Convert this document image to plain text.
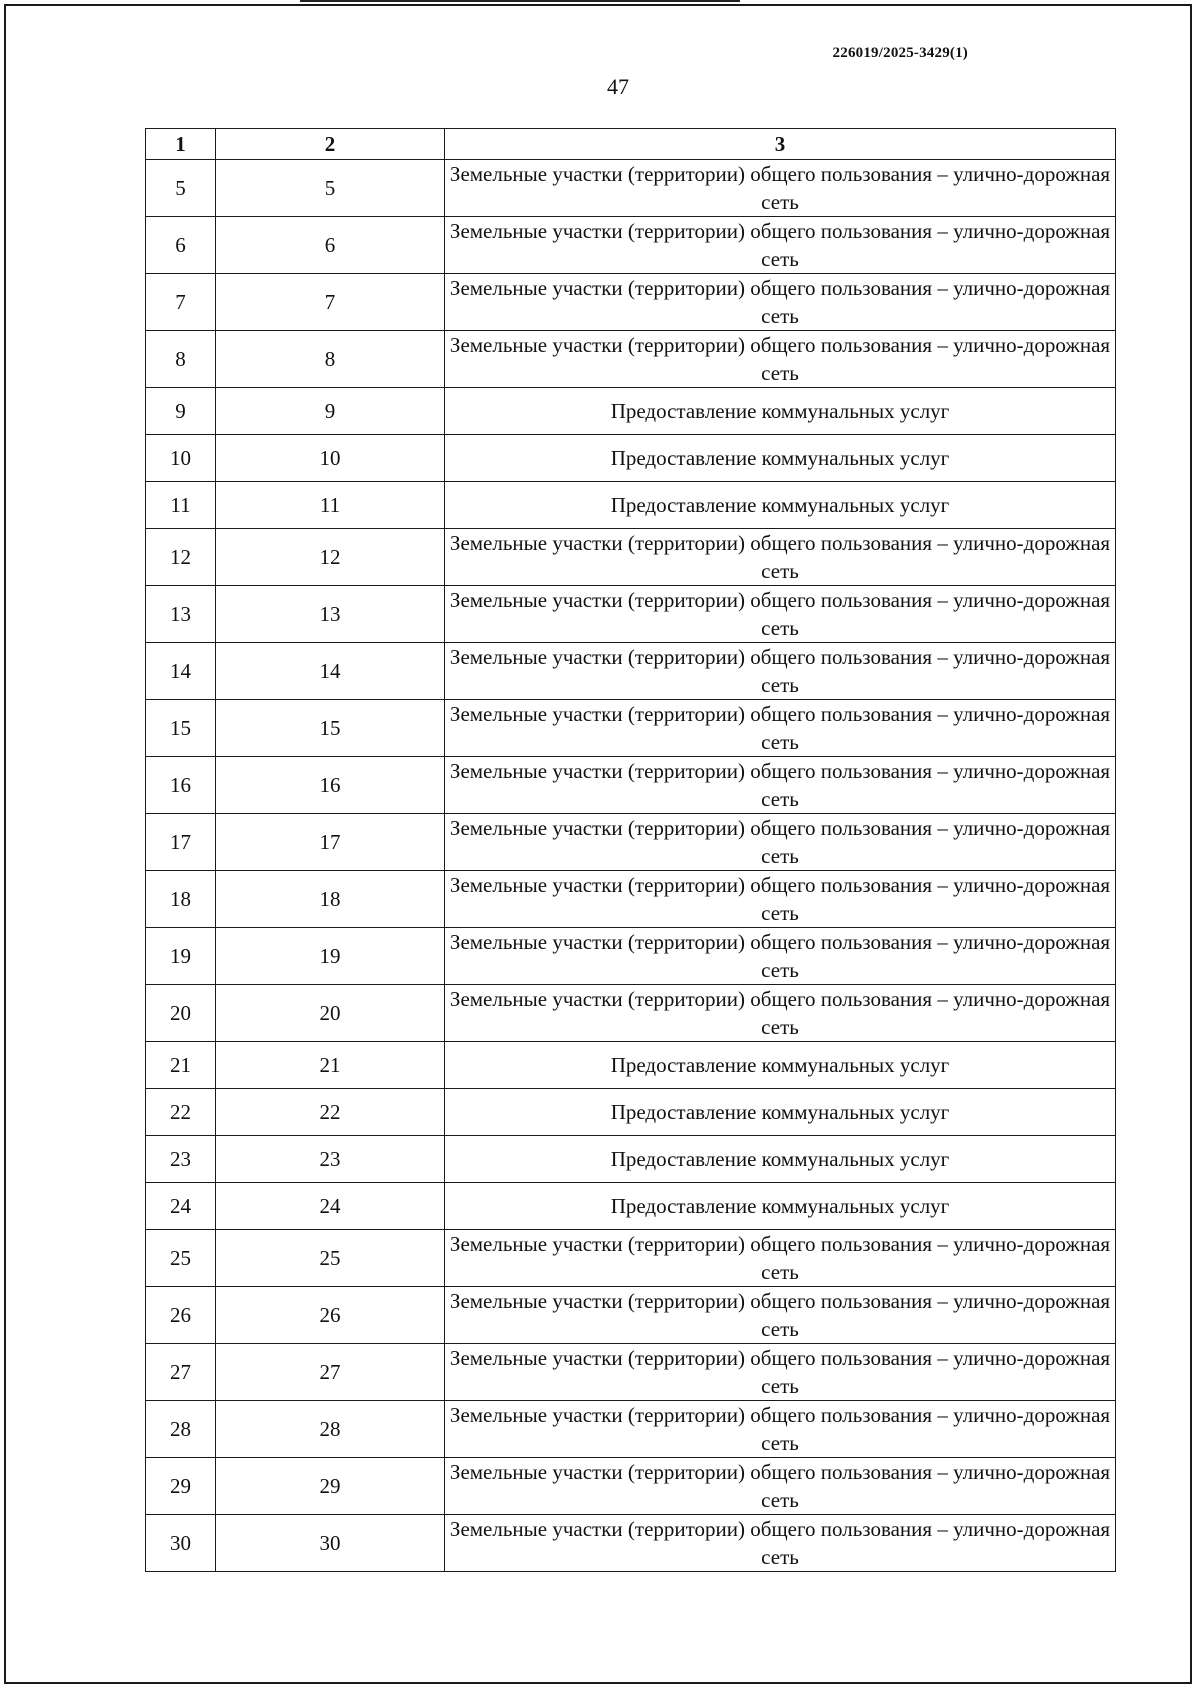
226019/2025-3429(1)
47
1	2	3
5	5	Земельные участки (территории) общего пользования – улично-дорожная сеть
6	6	Земельные участки (территории) общего пользования – улично-дорожная сеть
7	7	Земельные участки (территории) общего пользования – улично-дорожная сеть
8	8	Земельные участки (территории) общего пользования – улично-дорожная сеть
9	9	Предоставление коммунальных услуг
10	10	Предоставление коммунальных услуг
11	11	Предоставление коммунальных услуг
12	12	Земельные участки (территории) общего пользования – улично-дорожная сеть
13	13	Земельные участки (территории) общего пользования – улично-дорожная сеть
14	14	Земельные участки (территории) общего пользования – улично-дорожная сеть
15	15	Земельные участки (территории) общего пользования – улично-дорожная сеть
16	16	Земельные участки (территории) общего пользования – улично-дорожная сеть
17	17	Земельные участки (территории) общего пользования – улично-дорожная сеть
18	18	Земельные участки (территории) общего пользования – улично-дорожная сеть
19	19	Земельные участки (территории) общего пользования – улично-дорожная сеть
20	20	Земельные участки (территории) общего пользования – улично-дорожная сеть
21	21	Предоставление коммунальных услуг
22	22	Предоставление коммунальных услуг
23	23	Предоставление коммунальных услуг
24	24	Предоставление коммунальных услуг
25	25	Земельные участки (территории) общего пользования – улично-дорожная сеть
26	26	Земельные участки (территории) общего пользования – улично-дорожная сеть
27	27	Земельные участки (территории) общего пользования – улично-дорожная сеть
28	28	Земельные участки (территории) общего пользования – улично-дорожная сеть
29	29	Земельные участки (территории) общего пользования – улично-дорожная сеть
30	30	Земельные участки (территории) общего пользования – улично-дорожная сеть
